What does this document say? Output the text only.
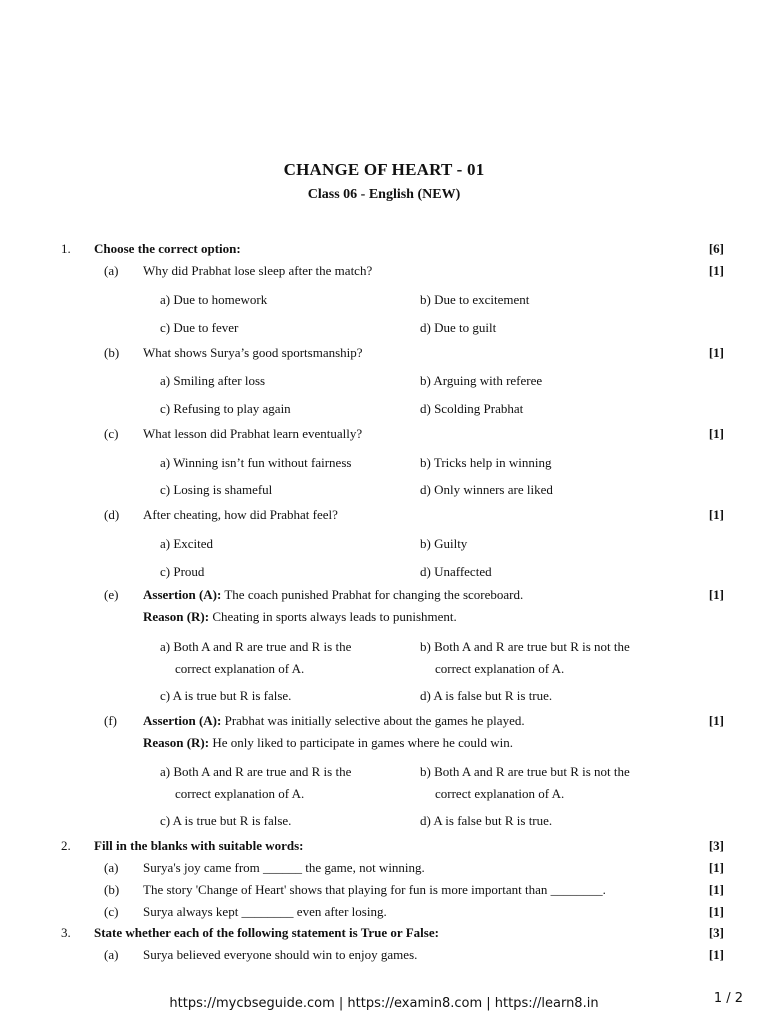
CHANGE OF HEART - 01
Class 06 - English (NEW)
1. Choose the correct option:	[6]
(a) Why did Prabhat lose sleep after the match?	[1]
a) Due to homework	b) Due to excitement
c) Due to fever	d) Due to guilt
(b) What shows Surya’s good sportsmanship?	[1]
a) Smiling after loss	b) Arguing with referee
c) Refusing to play again	d) Scolding Prabhat
(c) What lesson did Prabhat learn eventually?	[1]
a) Winning isn’t fun without fairness	b) Tricks help in winning
c) Losing is shameful	d) Only winners are liked
(d) After cheating, how did Prabhat feel?	[1]
a) Excited	b) Guilty
c) Proud	d) Unaffected
(e) Assertion (A): The coach punished Prabhat for changing the scoreboard.	[1]
Reason (R): Cheating in sports always leads to punishment.
a) Both A and R are true and R is the
correct explanation of A.
b) Both A and R are true but R is not the
correct explanation of A.
c) A is true but R is false.	d) A is false but R is true.
(f) Assertion (A): Prabhat was initially selective about the games he played.	[1]
Reason (R): He only liked to participate in games where he could win.
a) Both A and R are true and R is the
correct explanation of A.
b) Both A and R are true but R is not the
correct explanation of A.
c) A is true but R is false.	d) A is false but R is true.
2. Fill in the blanks with suitable words:	[3]
(a) Surya's joy came from ______ the game, not winning.	[1]
(b) The story 'Change of Heart' shows that playing for fun is more important than ________.	[1]
(c) Surya always kept ________ even after losing.	[1]
3. State whether each of the following statement is True or False:	[3]
(a) Surya believed everyone should win to enjoy games.	[1]
https://mycbseguide.com | https://examin8.com | https://learn8.in	1 / 2
